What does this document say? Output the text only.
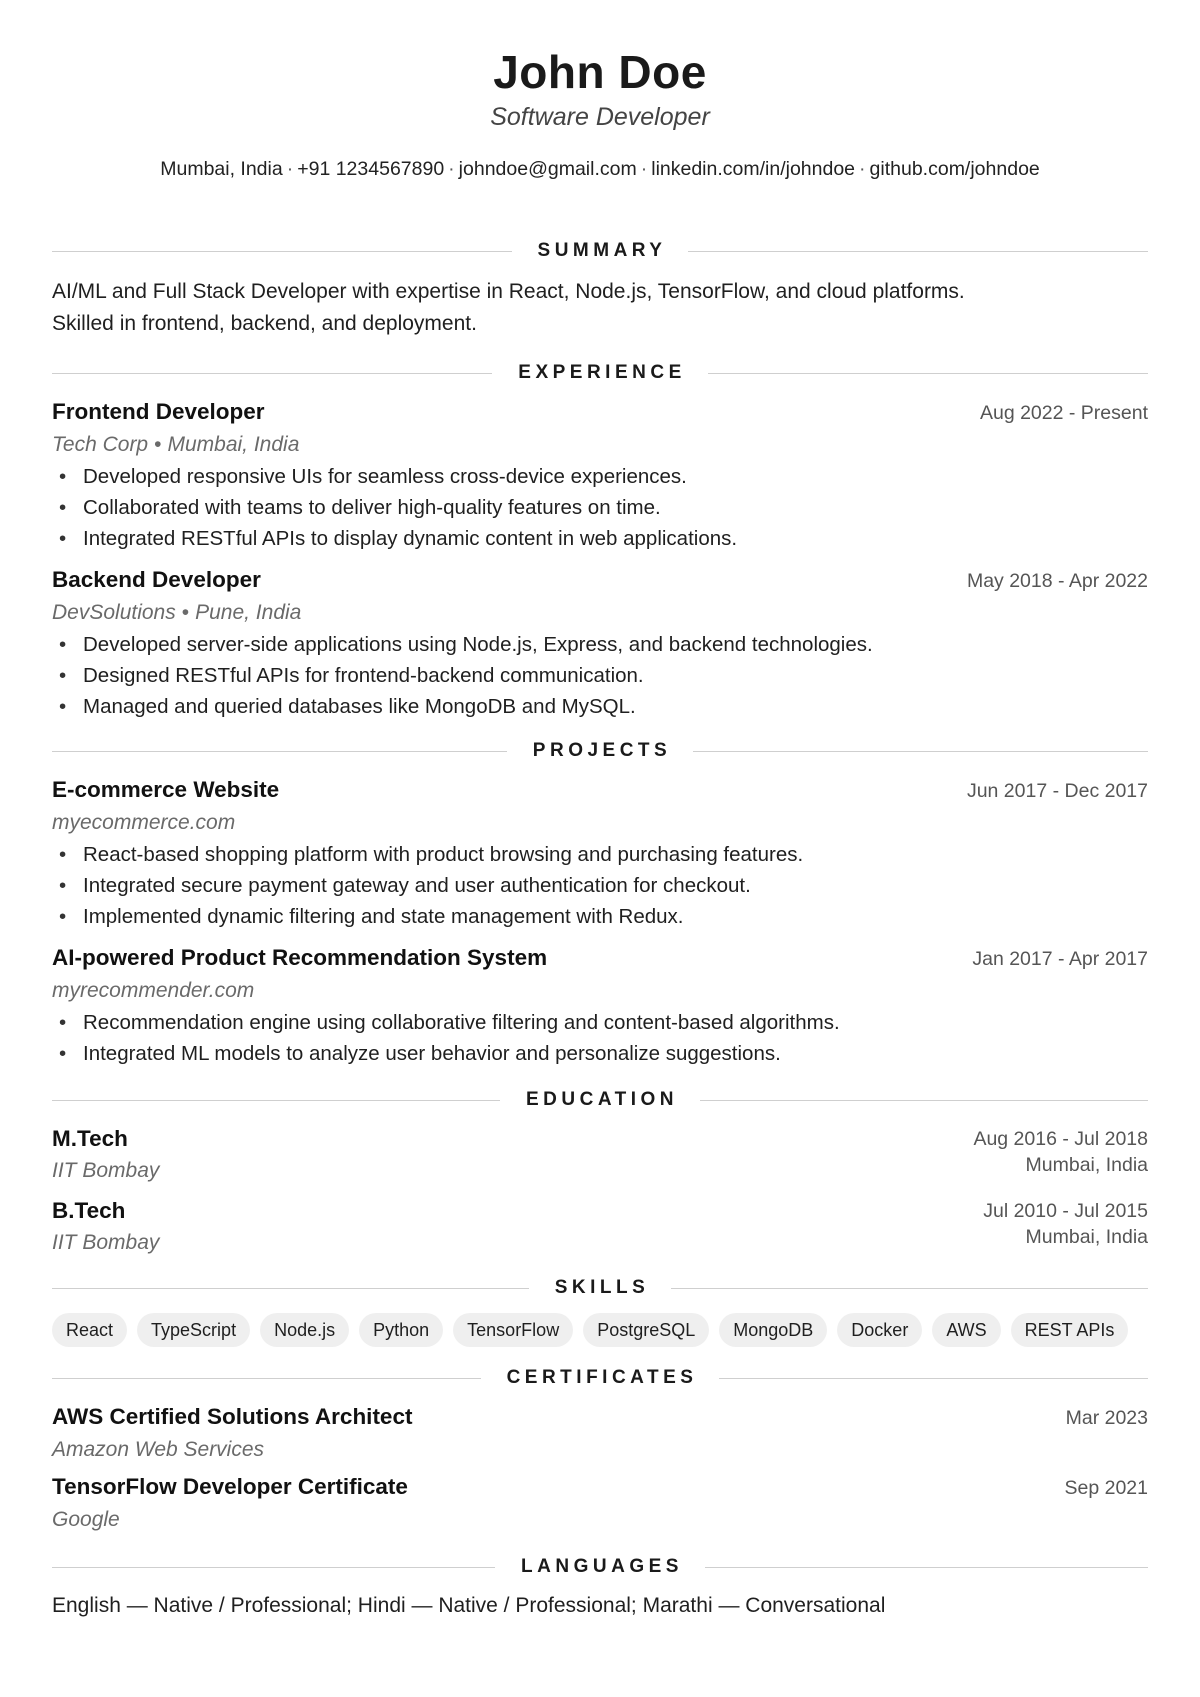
John Doe
Software Developer
Mumbai, India · +91 1234567890 · johndoe@gmail.com · linkedin.com/in/johndoe · github.com/johndoe
SUMMARY
AI/ML and Full Stack Developer with expertise in React, Node.js, TensorFlow, and cloud platforms.
Skilled in frontend, backend, and deployment.
EXPERIENCE
Frontend Developer	Aug 2022 - Present
Tech Corp • Mumbai, India
• Developed responsive UIs for seamless cross-device experiences.
• Collaborated with teams to deliver high-quality features on time.
• Integrated RESTful APIs to display dynamic content in web applications.
Backend Developer	May 2018 - Apr 2022
DevSolutions • Pune, India
• Developed server-side applications using Node.js, Express, and backend technologies.
• Designed RESTful APIs for frontend-backend communication.
• Managed and queried databases like MongoDB and MySQL.
PROJECTS
E-commerce Website	Jun 2017 - Dec 2017
myecommerce.com
• React-based shopping platform with product browsing and purchasing features.
• Integrated secure payment gateway and user authentication for checkout.
• Implemented dynamic filtering and state management with Redux.
AI-powered Product Recommendation System	Jan 2017 - Apr 2017
myrecommender.com
• Recommendation engine using collaborative filtering and content-based algorithms.
• Integrated ML models to analyze user behavior and personalize suggestions.
EDUCATION
M.Tech
IIT Bombay
Aug 2016 - Jul 2018
Mumbai, India
B.Tech
IIT Bombay
Jul 2010 - Jul 2015
Mumbai, India
SKILLS
React	TypeScript	Node.js	Python	TensorFlow	PostgreSQL	MongoDB	Docker	AWS	REST APIs
CERTIFICATES
AWS Certified Solutions Architect	Mar 2023
Amazon Web Services
TensorFlow Developer Certificate	Sep 2021
Google
LANGUAGES
English — Native / Professional; Hindi — Native / Professional; Marathi — Conversational
